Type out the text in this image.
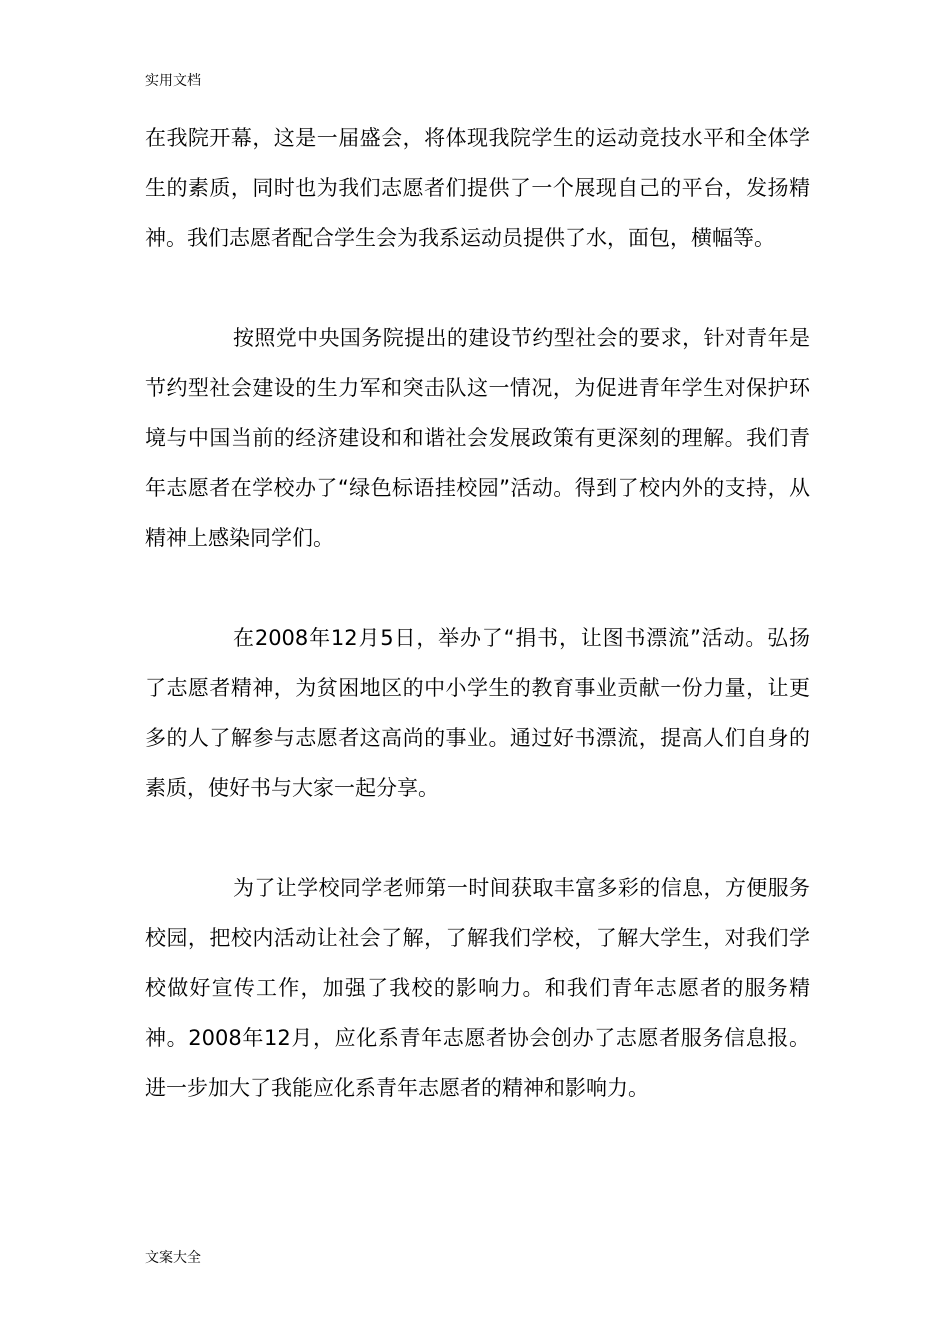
实用文档

在我院开幕，这是一届盛会，将体现我院学生的运动竞技水平和全体学生的素质，同时也为我们志愿者们提供了一个展现自己的平台，发扬精神。我们志愿者配合学生会为我系运动员提供了水，面包，横幅等。

按照党中央国务院提出的建设节约型社会的要求，针对青年是节约型社会建设的生力军和突击队这一情况，为促进青年学生对保护环境与中国当前的经济建设和和谐社会发展政策有更深刻的理解。我们青年志愿者在学校办了“绿色标语挂校园”活动。得到了校内外的支持，从精神上感染同学们。

在2008年12月5日，举办了“捐书，让图书漂流”活动。弘扬了志愿者精神，为贫困地区的中小学生的教育事业贡献一份力量，让更多的人了解参与志愿者这高尚的事业。通过好书漂流，提高人们自身的素质，使好书与大家一起分享。

为了让学校同学老师第一时间获取丰富多彩的信息，方便服务校园，把校内活动让社会了解，了解我们学校，了解大学生，对我们学校做好宣传工作，加强了我校的影响力。和我们青年志愿者的服务精神。2008年12月，应化系青年志愿者协会创办了志愿者服务信息报。进一步加大了我能应化系青年志愿者的精神和影响力。

文案大全
